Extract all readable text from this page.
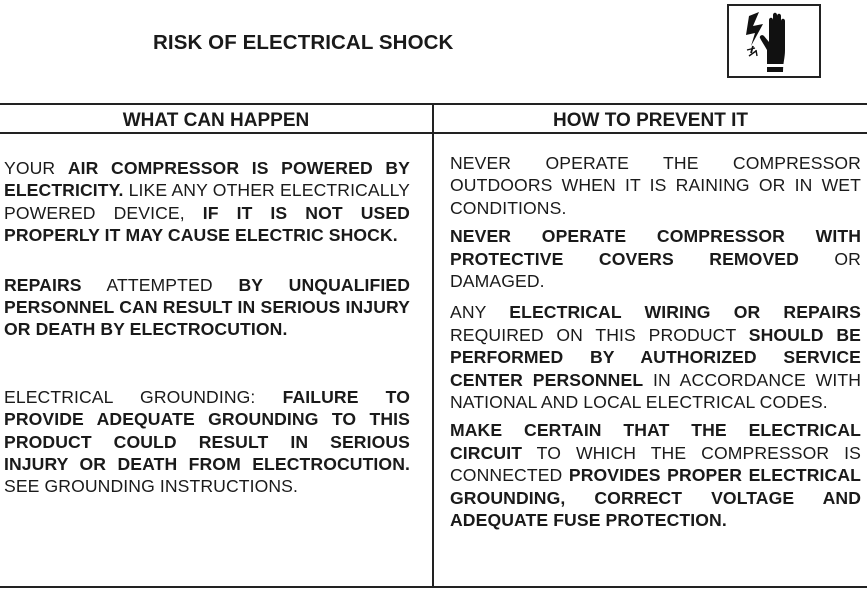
RISK OF ELECTRICAL SHOCK
WHAT CAN HAPPEN	HOW TO PREVENT IT

YOUR AIR COMPRESSOR IS POWERED BY ELECTRICITY. LIKE ANY OTHER ELECTRICALLY POWERED DEVICE, IF IT IS NOT USED PROPERLY IT MAY CAUSE ELECTRIC SHOCK.

REPAIRS ATTEMPTED BY UNQUALIFIED PERSONNEL CAN RESULT IN SERIOUS INJURY OR DEATH BY ELECTROCUTION.

ELECTRICAL GROUNDING: FAILURE TO PROVIDE ADEQUATE GROUNDING TO THIS PRODUCT COULD RESULT IN SERIOUS INJURY OR DEATH FROM ELECTROCUTION. SEE GROUNDING INSTRUCTIONS.

NEVER OPERATE THE COMPRESSOR OUTDOORS WHEN IT IS RAINING OR IN WET CONDITIONS.

NEVER OPERATE COMPRESSOR WITH PROTECTIVE COVERS REMOVED OR DAMAGED.

ANY ELECTRICAL WIRING OR REPAIRS REQUIRED ON THIS PRODUCT SHOULD BE PERFORMED BY AUTHORIZED SERVICE CENTER PERSONNEL IN ACCORDANCE WITH NATIONAL AND LOCAL ELECTRICAL CODES.

MAKE CERTAIN THAT THE ELECTRICAL CIRCUIT TO WHICH THE COMPRESSOR IS CONNECTED PROVIDES PROPER ELECTRICAL GROUNDING, CORRECT VOLTAGE AND ADEQUATE FUSE PROTECTION.
